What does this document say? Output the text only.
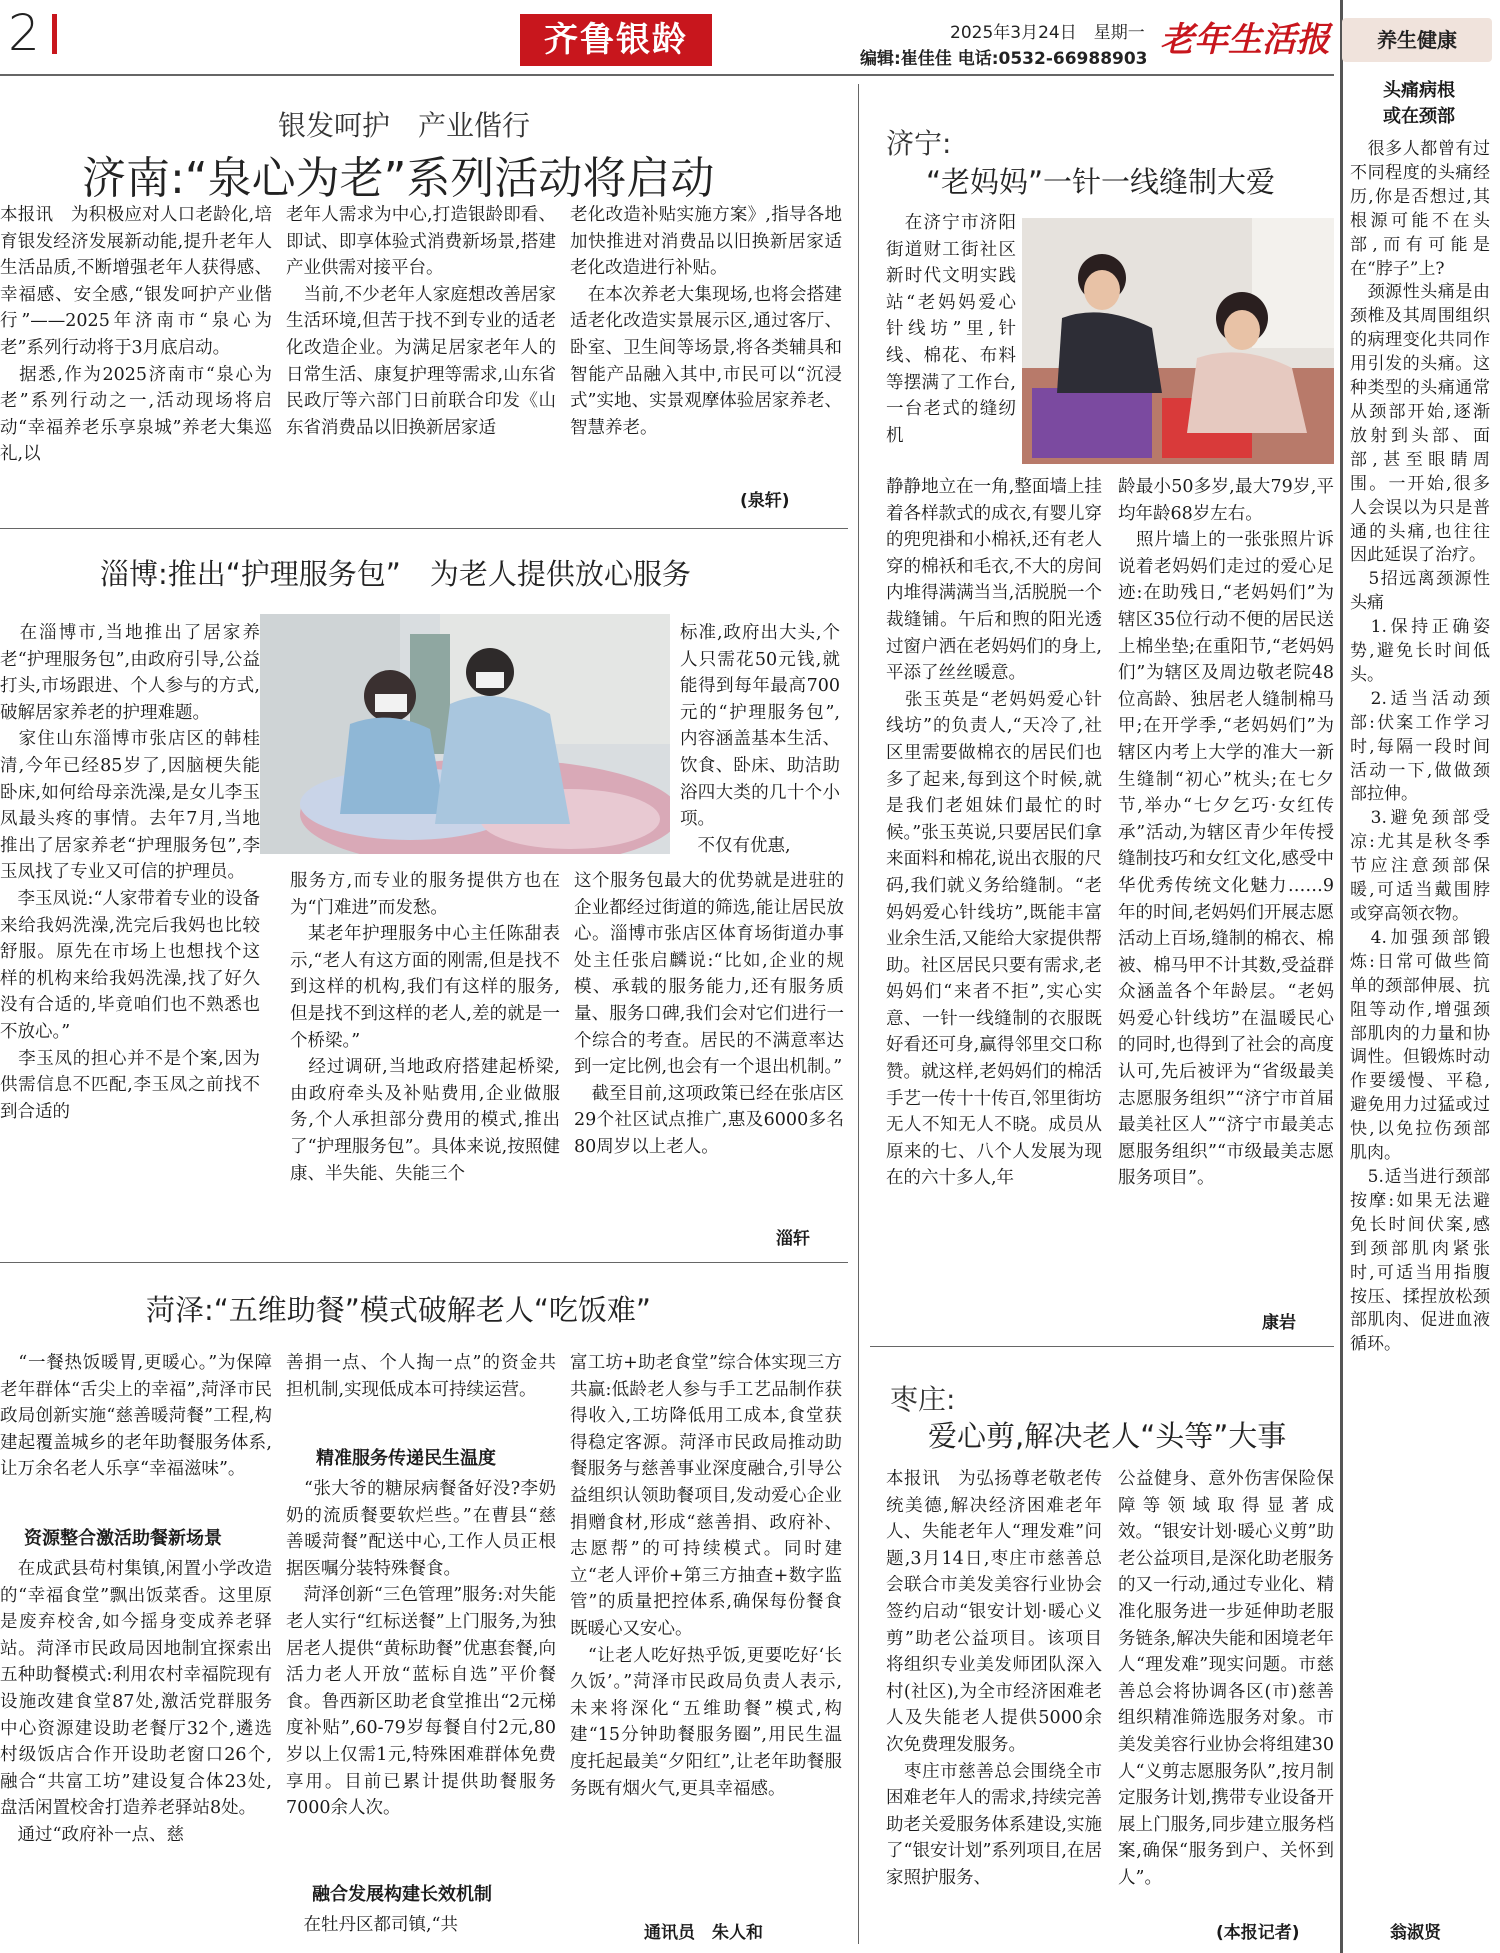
2	齐鲁银龄	2025年3月24日　星期一
编辑:崔佳佳 电话:0532-66988903 老年生活报
银发呵护　产业偕行
济南:“泉心为老”系列活动将启动
本报讯　为积极应对人口老龄化,培育银发经济发展新动能,提升老年人生活品质,不断增强老年人获得感、幸福感、安全感,“银发呵护产业偕行”——2025年济南市“泉心为老”系列行动将于3月底启动。
　据悉,作为2025济南市“泉心为老”系列行动之一,活动现场将启动“幸福养老乐享泉城”养老大集巡礼,以
老年人需求为中心,打造银龄即看、即试、即享体验式消费新场景,搭建产业供需对接平台。
　当前,不少老年人家庭想改善居家生活环境,但苦于找不到专业的适老化改造企业。为满足居家老年人的日常生活、康复护理等需求,山东省民政厅等六部门日前联合印发《山东省消费品以旧换新居家适
老化改造补贴实施方案》,指导各地加快推进对消费品以旧换新居家适老化改造进行补贴。
　在本次养老大集现场,也将会搭建适老化改造实景展示区,通过客厅、卧室、卫生间等场景,将各类辅具和智能产品融入其中,市民可以“沉浸式”实地、实景观摩体验居家养老、智慧养老。
(泉轩)
淄博:推出“护理服务包”　为老人提供放心服务
　在淄博市,当地推出了居家养老“护理服务包”,由政府引导,公益打头,市场跟进、个人参与的方式,破解居家养老的护理难题。
　家住山东淄博市张店区的韩桂清,今年已经85岁了,因脑梗失能卧床,如何给母亲洗澡,是女儿李玉凤最头疼的事情。去年7月,当地推出了居家养老“护理服务包”,李玉凤找了专业又可信的护理员。
　李玉凤说:“人家带着专业的设备来给我妈洗澡,洗完后我妈也比较舒服。原先在市场上也想找个这样的机构来给我妈洗澡,找了好久没有合适的,毕竟咱们也不熟悉也不放心。”
　李玉凤的担心并不是个案,因为供需信息不匹配,李玉凤之前找不到合适的
标准,政府出大头,个人只需花50元钱,就能得到每年最高700元的“护理服务包”,内容涵盖基本生活、饮食、卧床、助洁助浴四大类的几十个小项。
　不仅有优惠,
服务方,而专业的服务提供方也在为“门难进”而发愁。
　某老年护理服务中心主任陈甜表示,“老人有这方面的刚需,但是找不到这样的机构,我们有这样的服务,但是找不到这样的老人,差的就是一个桥梁。”
　经过调研,当地政府搭建起桥梁,由政府牵头及补贴费用,企业做服务,个人承担部分费用的模式,推出了“护理服务包”。具体来说,按照健康、半失能、失能三个
这个服务包最大的优势就是进驻的企业都经过街道的筛选,能让居民放心。淄博市张店区体育场街道办事处主任张启麟说:“比如,企业的规模、承载的服务能力,还有服务质量、服务口碑,我们会对它们进行一个综合的考查。居民的不满意率达到一定比例,也会有一个退出机制。”
　截至目前,这项政策已经在张店区29个社区试点推广,惠及6000多名80周岁以上老人。
淄轩
菏泽:“五维助餐”模式破解老人“吃饭难”
　“一餐热饭暖胃,更暖心。”为保障老年群体“舌尖上的幸福”,菏泽市民政局创新实施“慈善暖菏餐”工程,构建起覆盖城乡的老年助餐服务体系,让万余名老人乐享“幸福滋味”。
资源整合激活助餐新场景
　在成武县苟村集镇,闲置小学改造的“幸福食堂”飘出饭菜香。这里原是废弃校舍,如今摇身变成养老驿站。菏泽市民政局因地制宜探索出五种助餐模式:利用农村幸福院现有设施改建食堂87处,激活党群服务中心资源建设助老餐厅32个,遴选村级饭店合作开设助老窗口26个,融合“共富工坊”建设复合体23处,盘活闲置校舍打造养老驿站8处。
　通过“政府补一点、慈
善捐一点、个人掏一点”的资金共担机制,实现低成本可持续运营。
精准服务传递民生温度
　“张大爷的糖尿病餐备好没?李奶奶的流质餐要软烂些。”在曹县“慈善暖菏餐”配送中心,工作人员正根据医嘱分装特殊餐食。
　菏泽创新“三色管理”服务:对失能老人实行“红标送餐”上门服务,为独居老人提供“黄标助餐”优惠套餐,向活力老人开放“蓝标自选”平价餐食。鲁西新区助老食堂推出“2元梯度补贴”,60-79岁每餐自付2元,80岁以上仅需1元,特殊困难群体免费享用。目前已累计提供助餐服务7000余人次。
融合发展构建长效机制
　在牡丹区都司镇,“共
富工坊+助老食堂”综合体实现三方共赢:低龄老人参与手工艺品制作获得收入,工坊降低用工成本,食堂获得稳定客源。菏泽市民政局推动助餐服务与慈善事业深度融合,引导公益组织认领助餐项目,发动爱心企业捐赠食材,形成“慈善捐、政府补、志愿帮”的可持续模式。同时建立“老人评价+第三方抽查+数字监管”的质量把控体系,确保每份餐食既暖心又安心。
　“让老人吃好热乎饭,更要吃好‘长久饭’。”菏泽市民政局负责人表示,未来将深化“五维助餐”模式,构建“15分钟助餐服务圈”,用民生温度托起最美“夕阳红”,让老年助餐服务既有烟火气,更具幸福感。
通讯员　朱人和
济宁:
“老妈妈”一针一线缝制大爱
　在济宁市济阳街道财工街社区新时代文明实践站“老妈妈爱心针线坊”里,针线、棉花、布料等摆满了工作台,一台老式的缝纫机
静静地立在一角,整面墙上挂着各样款式的成衣,有婴儿穿的兜兜褂和小棉袄,还有老人穿的棉袄和毛衣,不大的房间内堆得满满当当,活脱脱一个裁缝铺。午后和煦的阳光透过窗户洒在老妈妈们的身上,平添了丝丝暖意。
　张玉英是“老妈妈爱心针线坊”的负责人,“天冷了,社区里需要做棉衣的居民们也多了起来,每到这个时候,就是我们老姐妹们最忙的时候。”张玉英说,只要居民们拿来面料和棉花,说出衣服的尺码,我们就义务给缝制。“老妈妈爱心针线坊”,既能丰富业余生活,又能给大家提供帮助。社区居民只要有需求,老妈妈们“来者不拒”,实心实意、一针一线缝制的衣服既好看还可身,赢得邻里交口称赞。就这样,老妈妈们的棉活手艺一传十十传百,邻里街坊无人不知无人不晓。成员从原来的七、八个人发展为现在的六十多人,年
龄最小50多岁,最大79岁,平均年龄68岁左右。
　照片墙上的一张张照片诉说着老妈妈们走过的爱心足迹:在助残日,“老妈妈们”为辖区35位行动不便的居民送上棉坐垫;在重阳节,“老妈妈们”为辖区及周边敬老院48位高龄、独居老人缝制棉马甲;在开学季,“老妈妈们”为辖区内考上大学的准大一新生缝制“初心”枕头;在七夕节,举办“七夕乞巧·女红传承”活动,为辖区青少年传授缝制技巧和女红文化,感受中华优秀传统文化魅力……9年的时间,老妈妈们开展志愿活动上百场,缝制的棉衣、棉被、棉马甲不计其数,受益群众涵盖各个年龄层。“老妈妈爱心针线坊”在温暖民心的同时,也得到了社会的高度认可,先后被评为“省级最美志愿服务组织”“济宁市首届最美社区人”“济宁市最美志愿服务组织”“市级最美志愿服务项目”。
康岩
枣庄:
爱心剪,解决老人“头等”大事
本报讯　为弘扬尊老敬老传统美德,解决经济困难老年人、失能老年人“理发难”问题,3月14日,枣庄市慈善总会联合市美发美容行业协会签约启动“银安计划·暖心义剪”助老公益项目。该项目将组织专业美发师团队深入村(社区),为全市经济困难老人及失能老人提供5000余次免费理发服务。
　枣庄市慈善总会围绕全市困难老年人的需求,持续完善助老关爱服务体系建设,实施了“银安计划”系列项目,在居家照护服务、
公益健身、意外伤害保险保障等领域取得显著成效。“银安计划·暖心义剪”助老公益项目,是深化助老服务的又一行动,通过专业化、精准化服务进一步延伸助老服务链条,解决失能和困境老年人“理发难”现实问题。市慈善总会将协调各区(市)慈善组织精准筛选服务对象。市美发美容行业协会将组建30人“义剪志愿服务队”,按月制定服务计划,携带专业设备开展上门服务,同步建立服务档案,确保“服务到户、关怀到人”。
(本报记者)
养生健康
头痛病根
或在颈部
　很多人都曾有过不同程度的头痛经历,你是否想过,其根源可能不在头部,而有可能是在“脖子”上?
　颈源性头痛是由颈椎及其周围组织的病理变化共同作用引发的头痛。这种类型的头痛通常从颈部开始,逐渐放射到头部、面部,甚至眼睛周围。一开始,很多人会误以为只是普通的头痛,也往往因此延误了治疗。
　5招远离颈源性头痛
　1.保持正确姿势,避免长时间低头。
　2.适当活动颈部:伏案工作学习时,每隔一段时间活动一下,做做颈部拉伸。
　3.避免颈部受凉:尤其是秋冬季节应注意颈部保暖,可适当戴围脖或穿高领衣物。
　4.加强颈部锻炼:日常可做些简单的颈部伸展、抗阻等动作,增强颈部肌肉的力量和协调性。但锻炼时动作要缓慢、平稳,避免用力过猛或过快,以免拉伤颈部肌肉。
　5.适当进行颈部按摩:如果无法避免长时间伏案,感到颈部肌肉紧张时,可适当用指腹按压、揉捏放松颈部肌肉、促进血液循环。
翁淑贤
